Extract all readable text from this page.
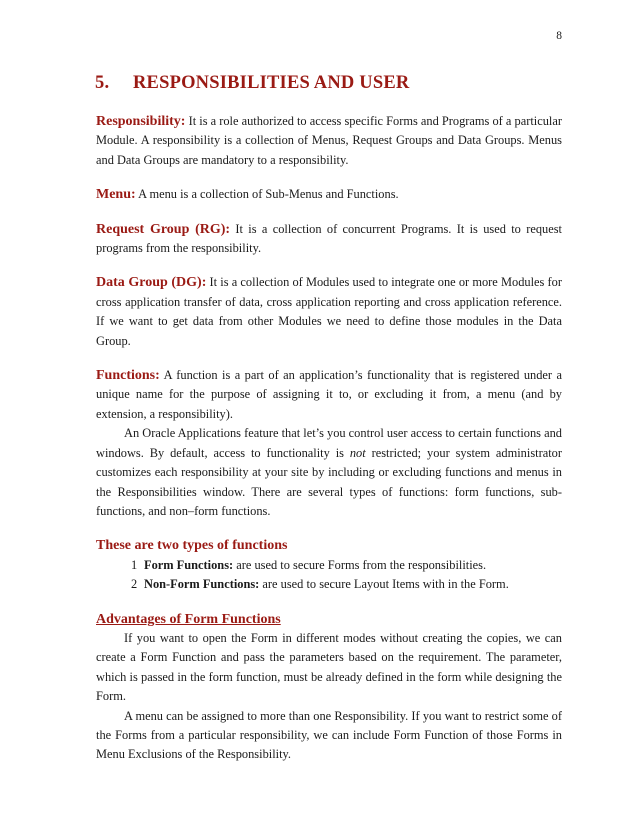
8
5. RESPONSIBILITIES AND USER

Responsibility: It is a role authorized to access specific Forms and Programs of a particular Module. A responsibility is a collection of Menus, Request Groups and Data Groups. Menus and Data Groups are mandatory to a responsibility.

Menu: A menu is a collection of Sub-Menus and Functions.

Request Group (RG): It is a collection of concurrent Programs. It is used to request programs from the responsibility.

Data Group (DG): It is a collection of Modules used to integrate one or more Modules for cross application transfer of data, cross application reporting and cross application reference. If we want to get data from other Modules we need to define those modules in the Data Group.

Functions: A function is a part of an application’s functionality that is registered under a unique name for the purpose of assigning it to, or excluding it from, a menu (and by extension, a responsibility).

An Oracle Applications feature that let’s you control user access to certain functions and windows. By default, access to functionality is not restricted; your system administrator customizes each responsibility at your site by including or excluding functions and menus in the Responsibilities window. There are several types of functions: form functions, sub-functions, and non–form functions.

These are two types of functions

1 Form Functions: are used to secure Forms from the responsibilities.
2 Non-Form Functions: are used to secure Layout Items with in the Form.

Advantages of Form Functions

If you want to open the Form in different modes without creating the copies, we can create a Form Function and pass the parameters based on the requirement. The parameter, which is passed in the form function, must be already defined in the form while designing the Form.

A menu can be assigned to more than one Responsibility. If you want to restrict some of the Forms from a particular responsibility, we can include Form Function of those Forms in Menu Exclusions of the Responsibility.
